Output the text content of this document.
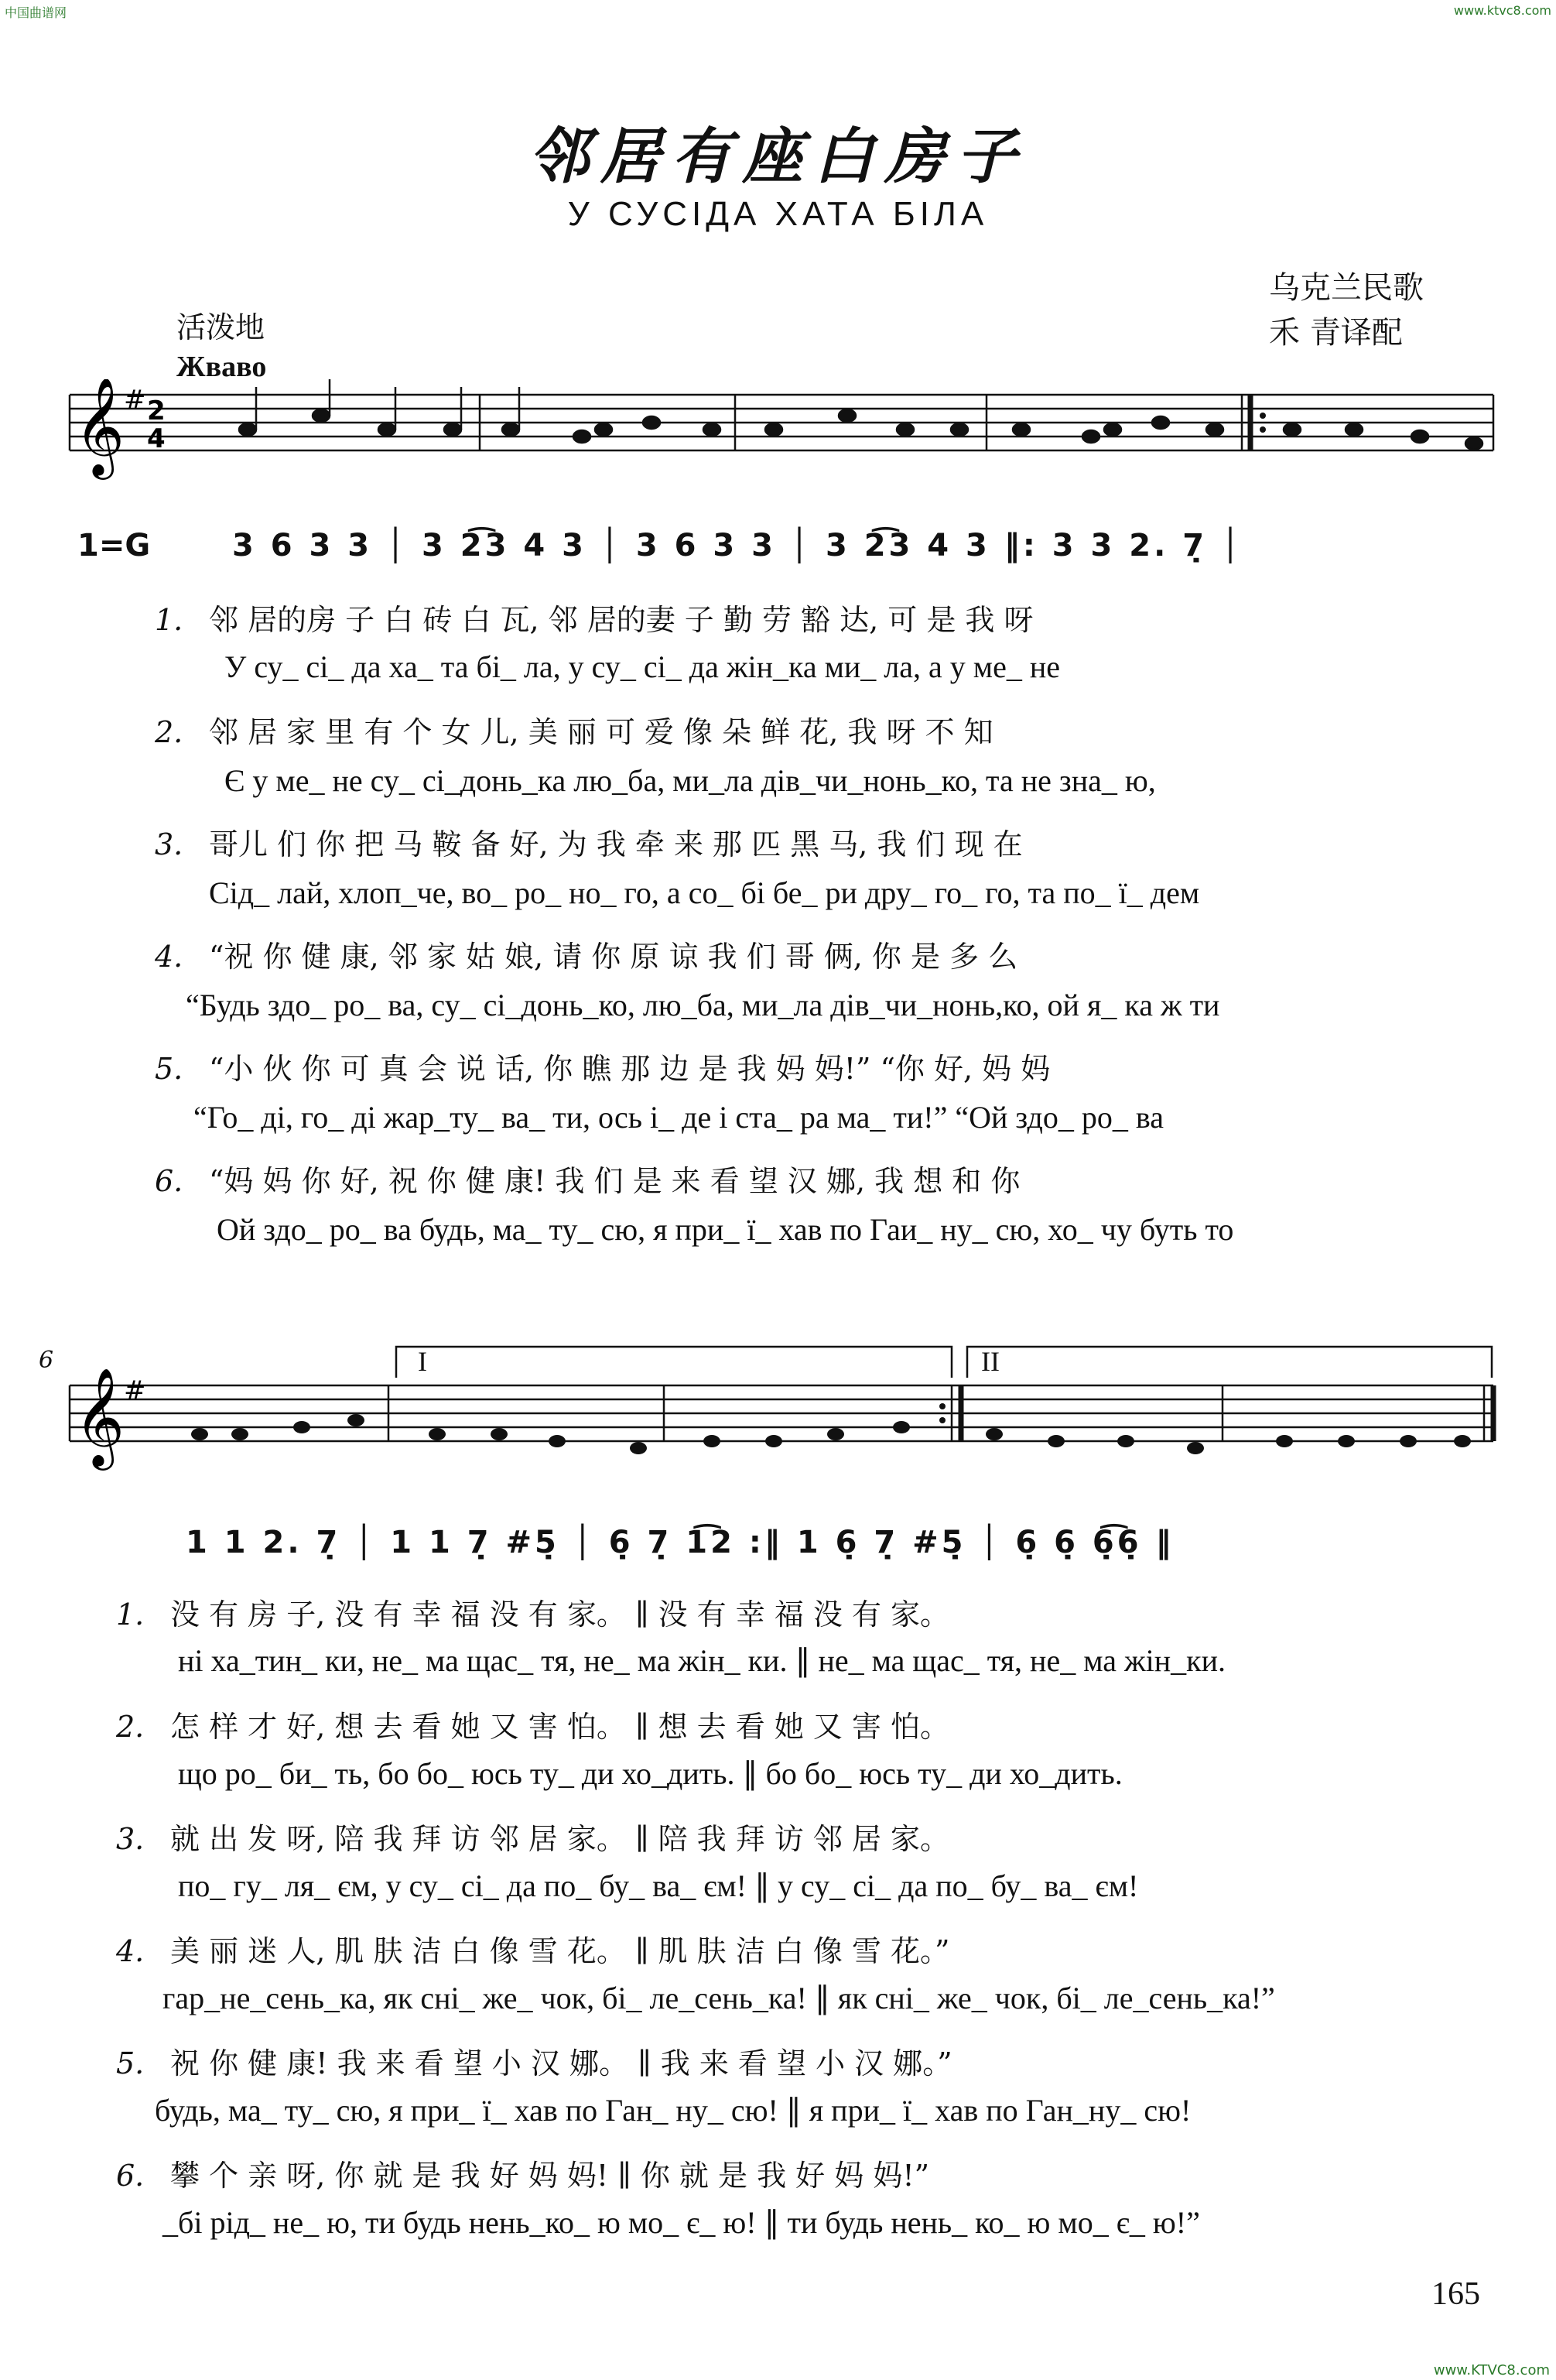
中国曲谱网	www.ktvc8.com
www.KTVC8.com
邻居有座白房子
У СУСІДА ХАТА БІЛА
乌克兰民歌
禾 青译配
活泼地
Жваво
𝄞
# 2
4
1=G	3 6 3 3 │ 3 2͡3 4 3 │ 3 6 3 3 │ 3 2͡3 4 3 ‖: 3 3 2. 7̣ │
1. 邻 居的房 子 白 砖 白 瓦, 邻 居的妻 子 勤 劳 豁 达, 可 是 我 呀
У су_ сі_ да ха_ та бі_ ла, у су_ сі_ да жін_ка ми_ ла, а у ме_ не
2. 邻 居 家 里 有 个 女 儿, 美 丽 可 爱 像 朵 鲜 花, 我 呀 不 知
Є у ме_ не су_ сі_донь_ка лю_ба, ми_ла дів_чи_нонь_ко, та не зна_ ю,
3. 哥儿 们 你 把 马 鞍 备 好, 为 我 牵 来 那 匹 黑 马, 我 们 现 在
Сід_ лай, хлоп_че, во_ ро_ но_ го, а со_ бі бе_ ри дру_ го_ го, та по_ ї_ дем
4. “祝 你 健 康, 邻 家 姑 娘, 请 你 原 谅 我 们 哥 俩, 你 是 多 么
“Будь здо_ ро_ ва, су_ сі_донь_ко, лю_ба, ми_ла дів_чи_нонь,ко, ой я_ ка ж ти
5. “小 伙 你 可 真 会 说 话, 你 瞧 那 边 是 我 妈 妈!” “你 好, 妈 妈
“Го_ ді, го_ ді жар_ту_ ва_ ти, ось і_ де і ста_ ра ма_ ти!” “Ой здо_ ро_ ва
6. “妈 妈 你 好, 祝 你 健 康! 我 们 是 来 看 望 汉 娜, 我 想 和 你
Ой здо_ ро_ ва будь, ма_ ту_ сю, я при_ ї_ хав по Гаи_ ну_ сю, хо_ чу буть то
6	I	II
𝄞
#
1 1 2. 7̣ │ 1 1 7̣ #5̣ │ 6̣ 7̣ 1͡2 :‖ 1 6̣ 7̣ #5̣ │ 6̣ 6̣ 6̣͡6̣ ‖
1. 没 有 房 子, 没 有 幸 福 没 有 家。 ∥ 没 有 幸 福 没 有 家。
ні ха_тин_ ки, не_ ма щас_ тя, не_ ма жін_ ки. ∥ не_ ма щас_ тя, не_ ма жін_ки.
2. 怎 样 才 好, 想 去 看 她 又 害 怕。 ∥ 想 去 看 她 又 害 怕。
що ро_ би_ ть, бо бо_ юсь ту_ ди хо_дить. ∥ бо бо_ юсь ту_ ди хо_дить.
3. 就 出 发 呀, 陪 我 拜 访 邻 居 家。 ∥ 陪 我 拜 访 邻 居 家。
по_ гу_ ля_ єм, у су_ сі_ да по_ бу_ ва_ єм! ∥ у су_ сі_ да по_ бу_ ва_ єм!
4. 美 丽 迷 人, 肌 肤 洁 白 像 雪 花。 ∥ 肌 肤 洁 白 像 雪 花。”
гар_не_сень_ка, як сні_ же_ чок, бі_ ле_сень_ка! ∥ як сні_ же_ чок, бі_ ле_сень_ка!”
5. 祝 你 健 康! 我 来 看 望 小 汉 娜。 ∥ 我 来 看 望 小 汉 娜。”
будь, ма_ ту_ сю, я при_ ї_ хав по Ган_ ну_ сю! ∥ я при_ ї_ хав по Ган_ну_ сю!
6. 攀 个 亲 呀, 你 就 是 我 好 妈 妈! ∥ 你 就 是 我 好 妈 妈!”
_бі рід_ не_ ю, ти будь нень_ко_ ю мо_ є_ ю! ∥ ти будь нень_ ко_ ю мо_ є_ ю!”
165
